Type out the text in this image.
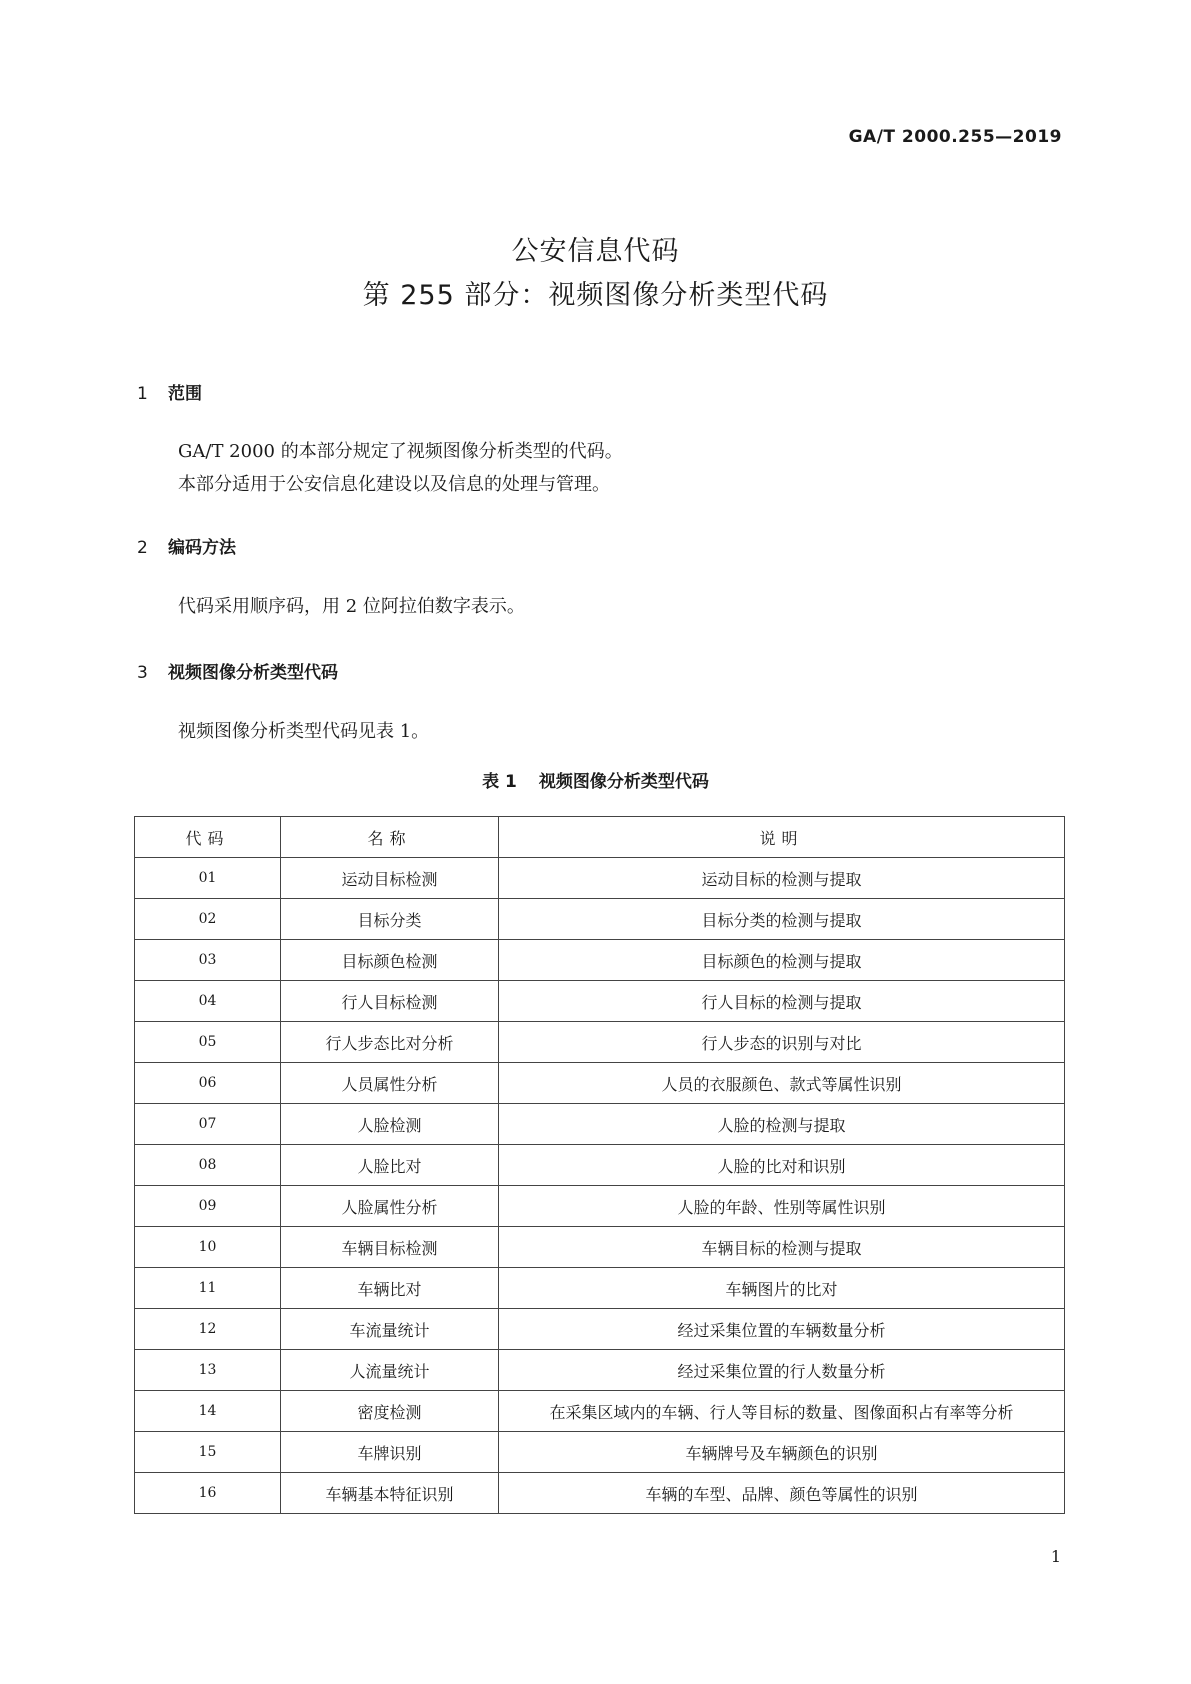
GA/T 2000.255—2019
公安信息代码
第 255 部分：视频图像分析类型代码
1 范围
GA/T 2000 的本部分规定了视频图像分析类型的代码。
本部分适用于公安信息化建设以及信息的处理与管理。
2 编码方法
代码采用顺序码，用 2 位阿拉伯数字表示。
3 视频图像分析类型代码
视频图像分析类型代码见表 1。
表 1 视频图像分析类型代码
代码	名称	说明
01	运动目标检测	运动目标的检测与提取
02	目标分类	目标分类的检测与提取
03	目标颜色检测	目标颜色的检测与提取
04	行人目标检测	行人目标的检测与提取
05	行人步态比对分析	行人步态的识别与对比
06	人员属性分析	人员的衣服颜色、款式等属性识别
07	人脸检测	人脸的检测与提取
08	人脸比对	人脸的比对和识别
09	人脸属性分析	人脸的年龄、性别等属性识别
10	车辆目标检测	车辆目标的检测与提取
11	车辆比对	车辆图片的比对
12	车流量统计	经过采集位置的车辆数量分析
13	人流量统计	经过采集位置的行人数量分析
14	密度检测	在采集区域内的车辆、行人等目标的数量、图像面积占有率等分析
15	车牌识别	车辆牌号及车辆颜色的识别
16	车辆基本特征识别	车辆的车型、品牌、颜色等属性的识别
1
